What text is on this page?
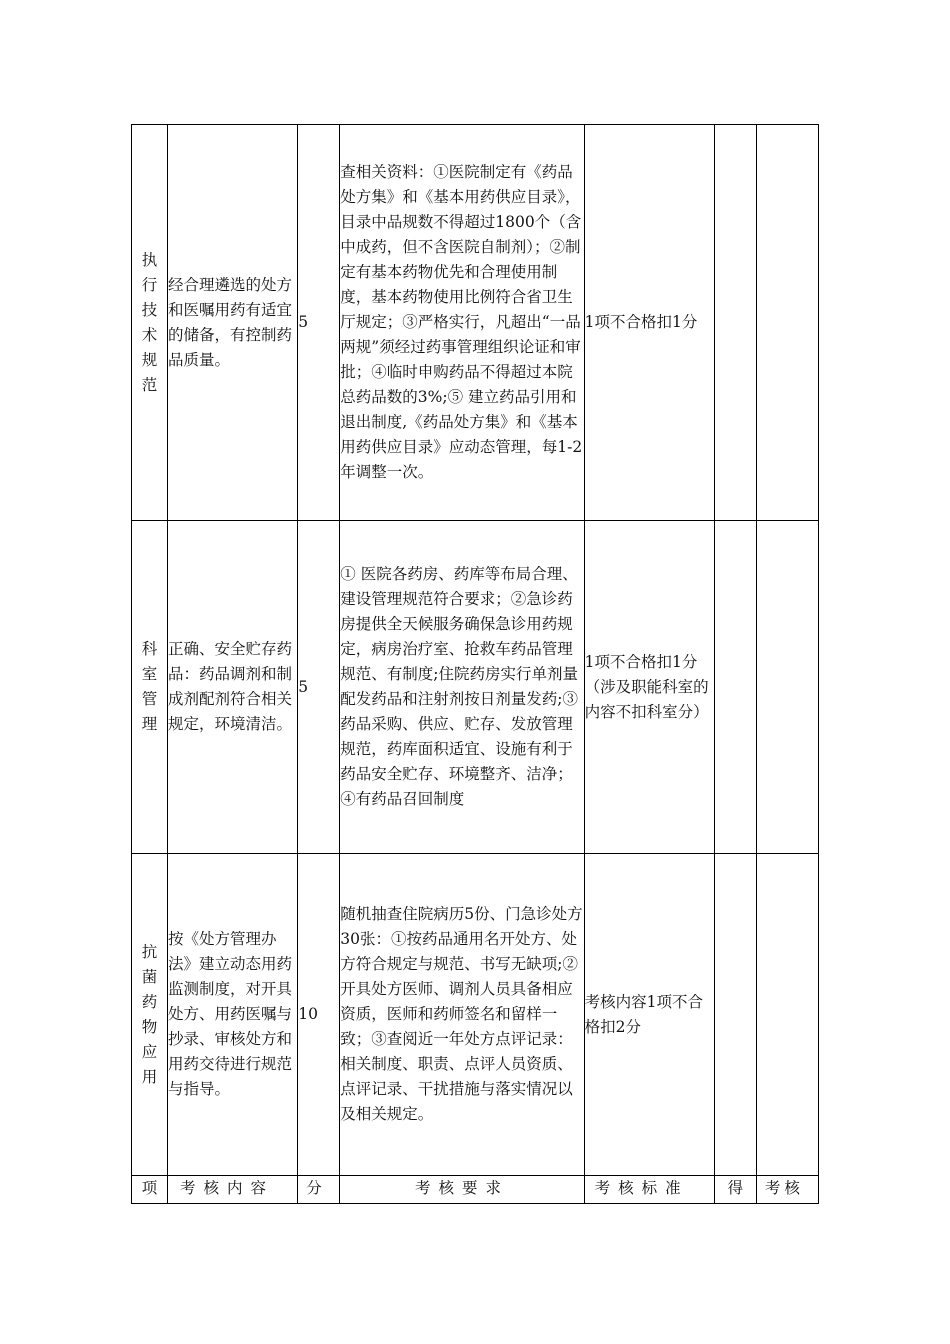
执行技术规范	经合理遴选的处方和医嘱用药有适宜的储备，有控制药品质量。	5	查相关资料：①医院制定有《药品处方集》和《基本用药供应目录》，目录中品规数不得超过1800个（含中成药，但不含医院自制剂）；②制定有基本药物优先和合理使用制度，基本药物使用比例符合省卫生厅规定；③严格实行，凡超出“一品两规”须经过药事管理组织论证和审批；④临时申购药品不得超过本院总药品数的3%;⑤ 建立药品引用和退出制度,《药品处方集》和《基本用药供应目录》应动态管理，每1-2年调整一次。	1项不合格扣1分		

科室管理	正确、安全贮存药品：药品调剂和制成剂配剂符合相关规定，环境清洁。	5	① 医院各药房、药库等布局合理、建设管理规范符合要求；②急诊药房提供全天候服务确保急诊用药规定，病房治疗室、抢救车药品管理规范、有制度;住院药房实行单剂量配发药品和注射剂按日剂量发药;③药品采购、供应、贮存、发放管理规范，药库面积适宜、设施有利于药品安全贮存、环境整齐、洁净；④有药品召回制度	1项不合格扣1分（涉及职能科室的内容不扣科室分）		

抗菌药物应用	按《处方管理办法》建立动态用药监测制度，对开具处方、用药医嘱与抄录、审核处方和用药交待进行规范与指导。	10	随机抽查住院病历5份、门急诊处方30张：①按药品通用名开处方、处方符合规定与规范、书写无缺项;②开具处方医师、调剂人员具备相应资质，医师和药师签名和留样一致；③查阅近一年处方点评记录：相关制度、职责、点评人员资质、点评记录、干扰措施与落实情况以及相关规定。	考核内容1项不合格扣2分		
项	考核内容	分	考核要求	考核标准	得	考核
